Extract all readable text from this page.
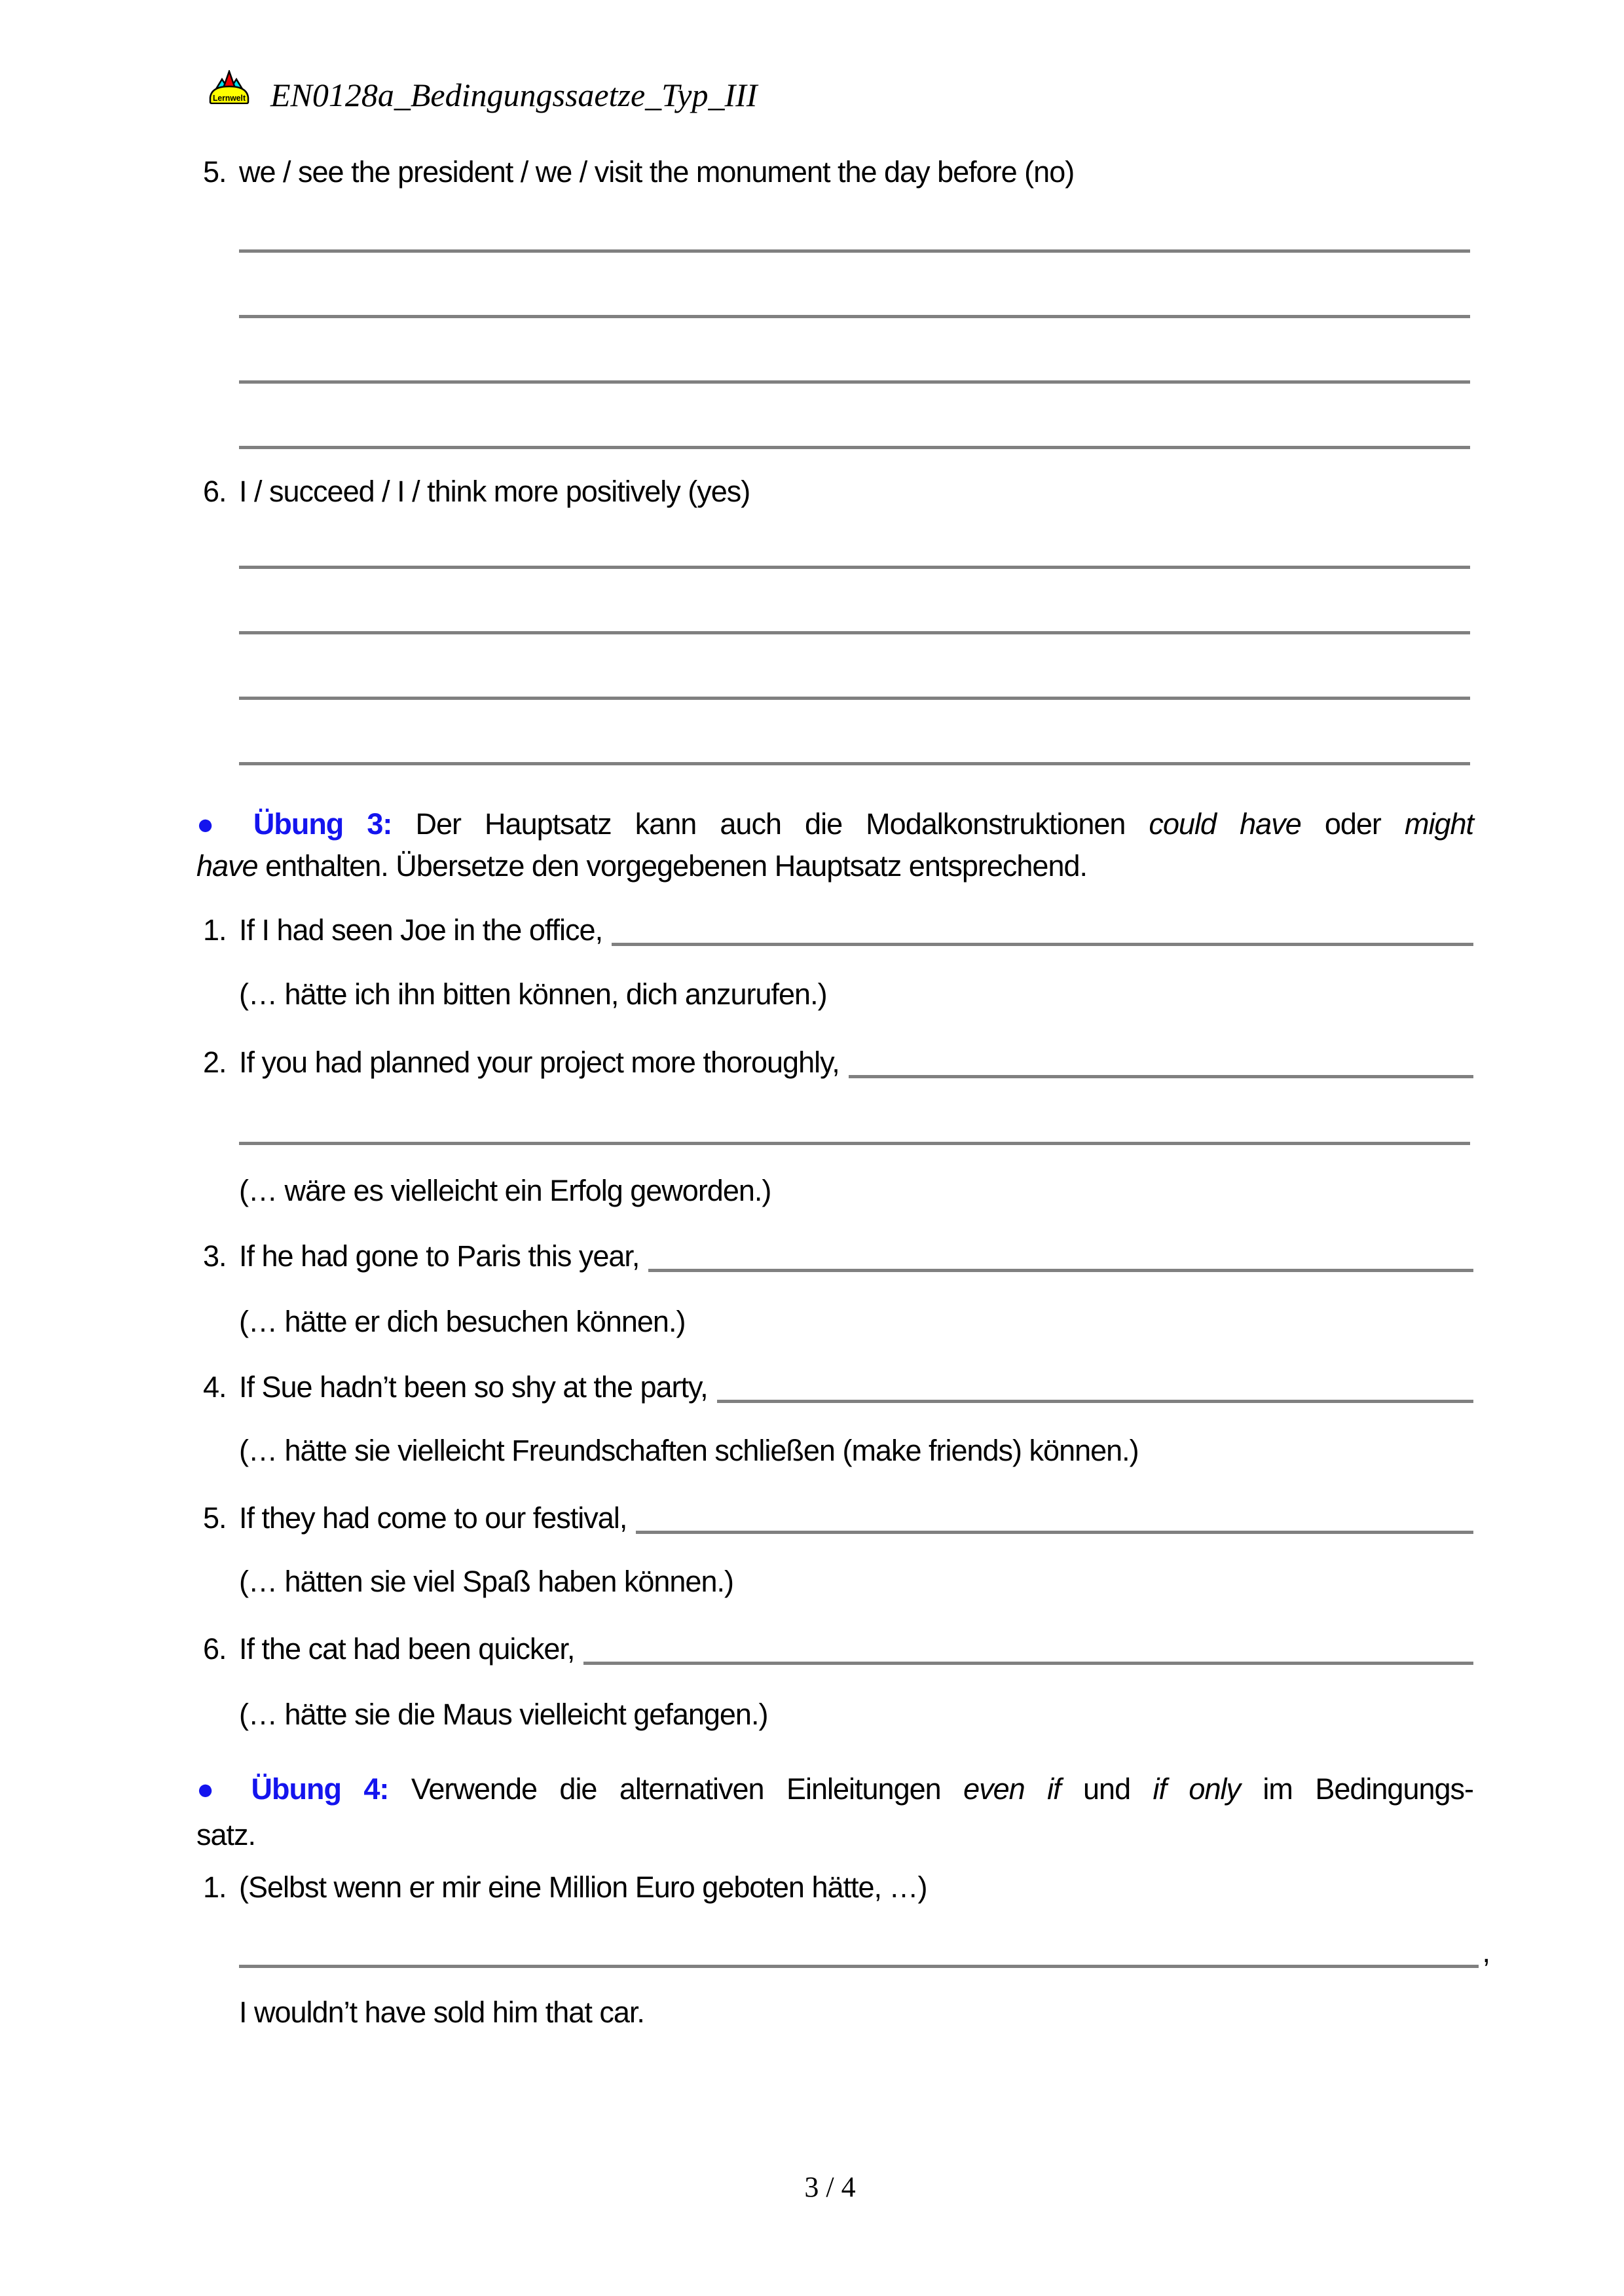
Lernwelt EN0128a_Bedingungssaetze_Typ_III
5. we / see the president / we / visit the monument the day before (no)
6. I / succeed / I / think more positively (yes)
● Übung 3: Der Hauptsatz kann auch die Modalkonstruktionen could have oder might
have enthalten. Übersetze den vorgegebenen Hauptsatz entsprechend.
1. If I had seen Joe in the office,
(… hätte ich ihn bitten können, dich anzurufen.)
2. If you had planned your project more thoroughly,
(… wäre es vielleicht ein Erfolg geworden.)
3. If he had gone to Paris this year,
(… hätte er dich besuchen können.)
4. If Sue hadn’t been so shy at the party,
(… hätte sie vielleicht Freundschaften schließen (make friends) können.)
5. If they had come to our festival,
(… hätten sie viel Spaß haben können.)
6. If the cat had been quicker,
(… hätte sie die Maus vielleicht gefangen.)
● Übung 4: Verwende die alternativen Einleitungen even if und if only im Bedingungs-
satz.
1. (Selbst wenn er mir eine Million Euro geboten hätte, …)
,
I wouldn’t have sold him that car.
3 / 4
